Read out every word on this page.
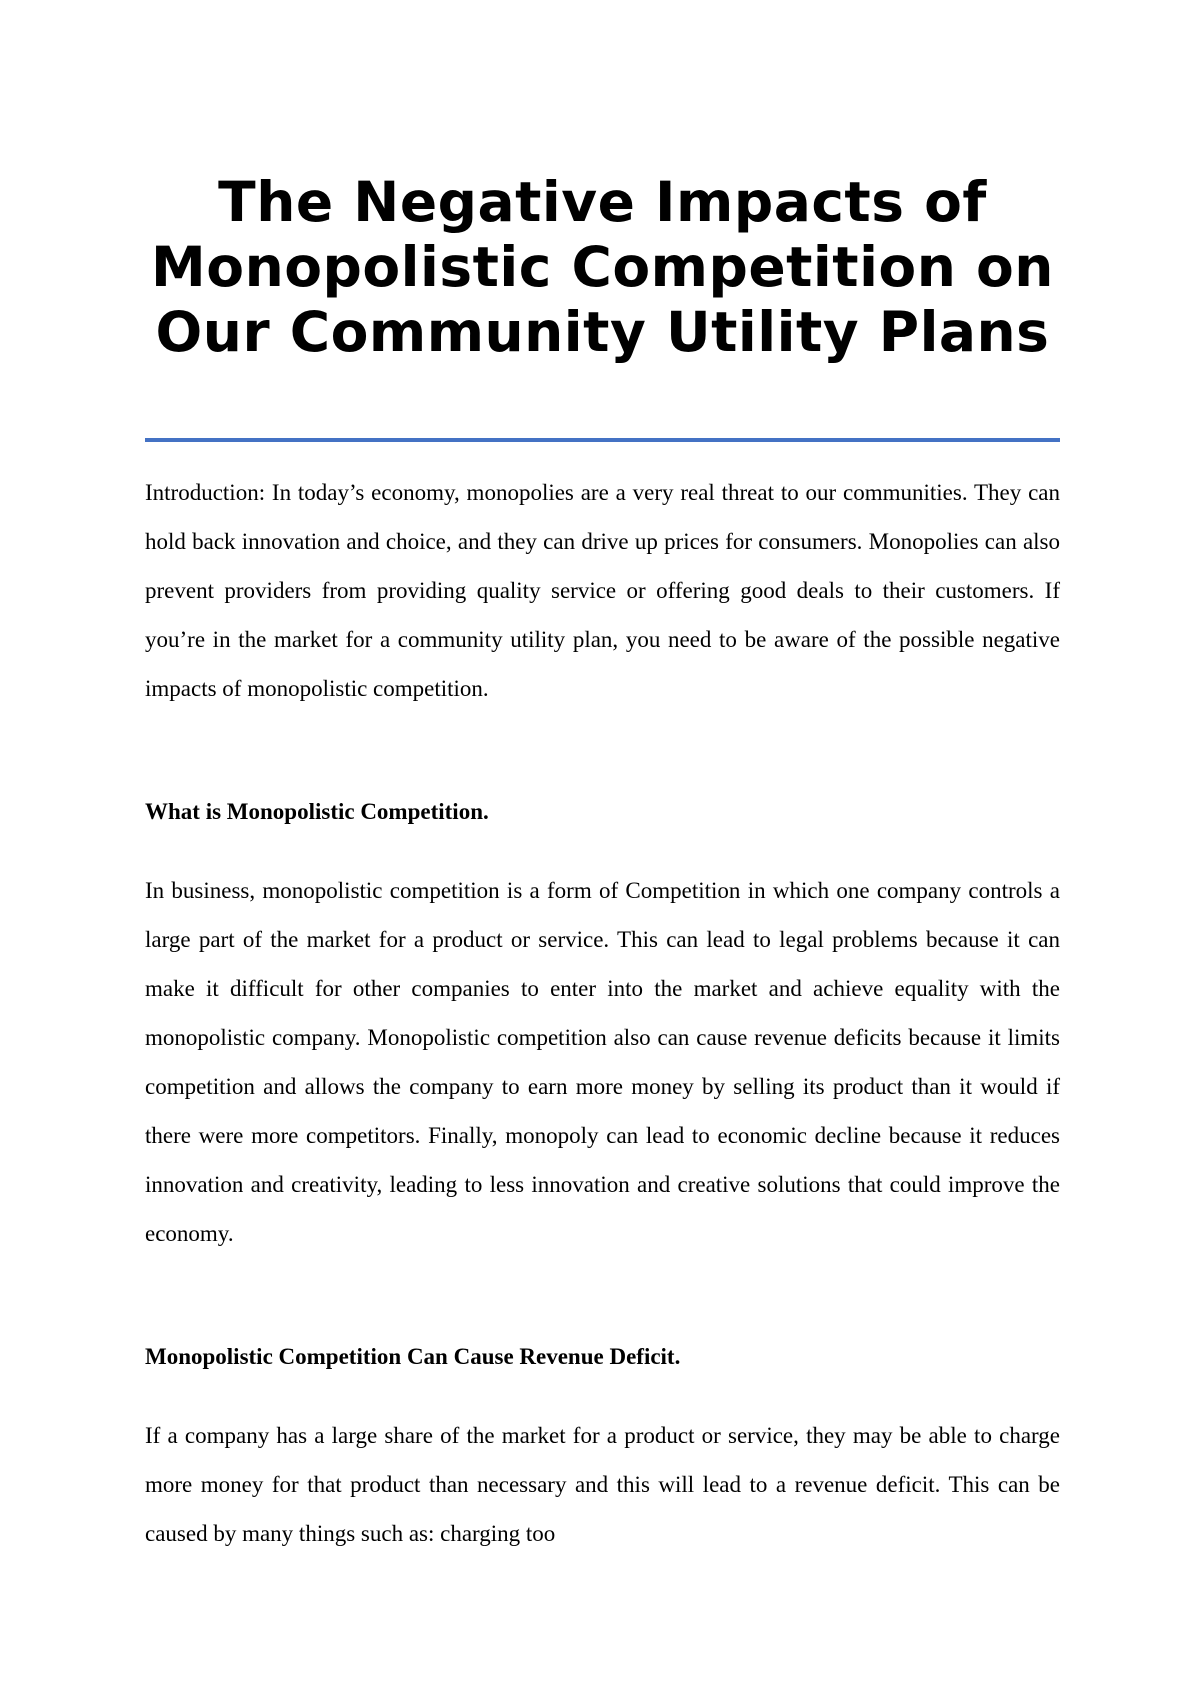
The Negative Impacts of Monopolistic Competition on Our Community Utility Plans

Introduction: In today’s economy, monopolies are a very real threat to our communities. They can hold back innovation and choice, and they can drive up prices for consumers. Monopolies can also prevent providers from providing quality service or offering good deals to their customers. If you’re in the market for a community utility plan, you need to be aware of the possible negative impacts of monopolistic competition.

What is Monopolistic Competition.

In business, monopolistic competition is a form of Competition in which one company controls a large part of the market for a product or service. This can lead to legal problems because it can make it difficult for other companies to enter into the market and achieve equality with the monopolistic company. Monopolistic competition also can cause revenue deficits because it limits competition and allows the company to earn more money by selling its product than it would if there were more competitors. Finally, monopoly can lead to economic decline because it reduces innovation and creativity, leading to less innovation and creative solutions that could improve the economy.

Monopolistic Competition Can Cause Revenue Deficit.

If a company has a large share of the market for a product or service, they may be able to charge more money for that product than necessary and this will lead to a revenue deficit. This can be caused by many things such as: charging too
